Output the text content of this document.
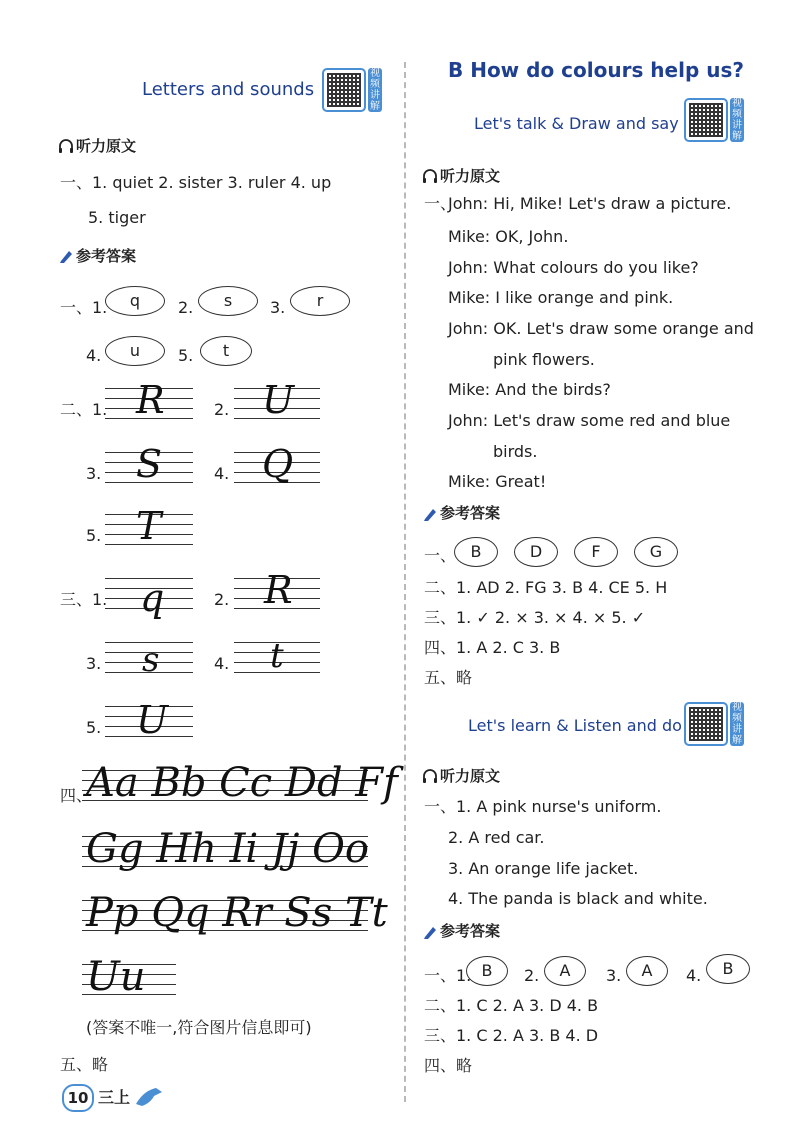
Letters and sounds
视频讲解
听力原文
一、1. quiet 2. sister 3. ruler 4. up
5. tiger
参考答案
一、1.	q	2.	s	3.	r
4.	u	5.	t
二、1. R	2. U
3. S	4. Q
5. T
三、1. q	2. R
3. s	4. t
5. U
四、
Aa Bb Cc Dd Ff
Gg Hh Ii Jj Oo
Pp Qq Rr Ss Tt
Uu
(答案不唯一,符合图片信息即可)
五、略
10 三上
B How do colours help us?
Let's talk & Draw and say
视频讲解
听力原文
一、
John: Hi, Mike! Let's draw a picture.
Mike: OK, John.
John: What colours do you like?
Mike: I like orange and pink.
John: OK. Let's draw some orange and
pink flowers.
Mike: And the birds?
John: Let's draw some red and blue
birds.
Mike: Great!
参考答案
一、 B	D	F	G
二、1. AD 2. FG 3. B 4. CE 5. H
三、1. ✓ 2. × 3. × 4. × 5. ✓
四、1. A 2. C 3. B
五、略
Let's learn & Listen and do
视频讲解
听力原文
一、1. A pink nurse's uniform.
2. A red car.
3. An orange life jacket.
4. The panda is black and white.
参考答案
一、1. B	2.	A	3.	A	4.	B
二、1. C 2. A 3. D 4. B
三、1. C 2. A 3. B 4. D
四、略
